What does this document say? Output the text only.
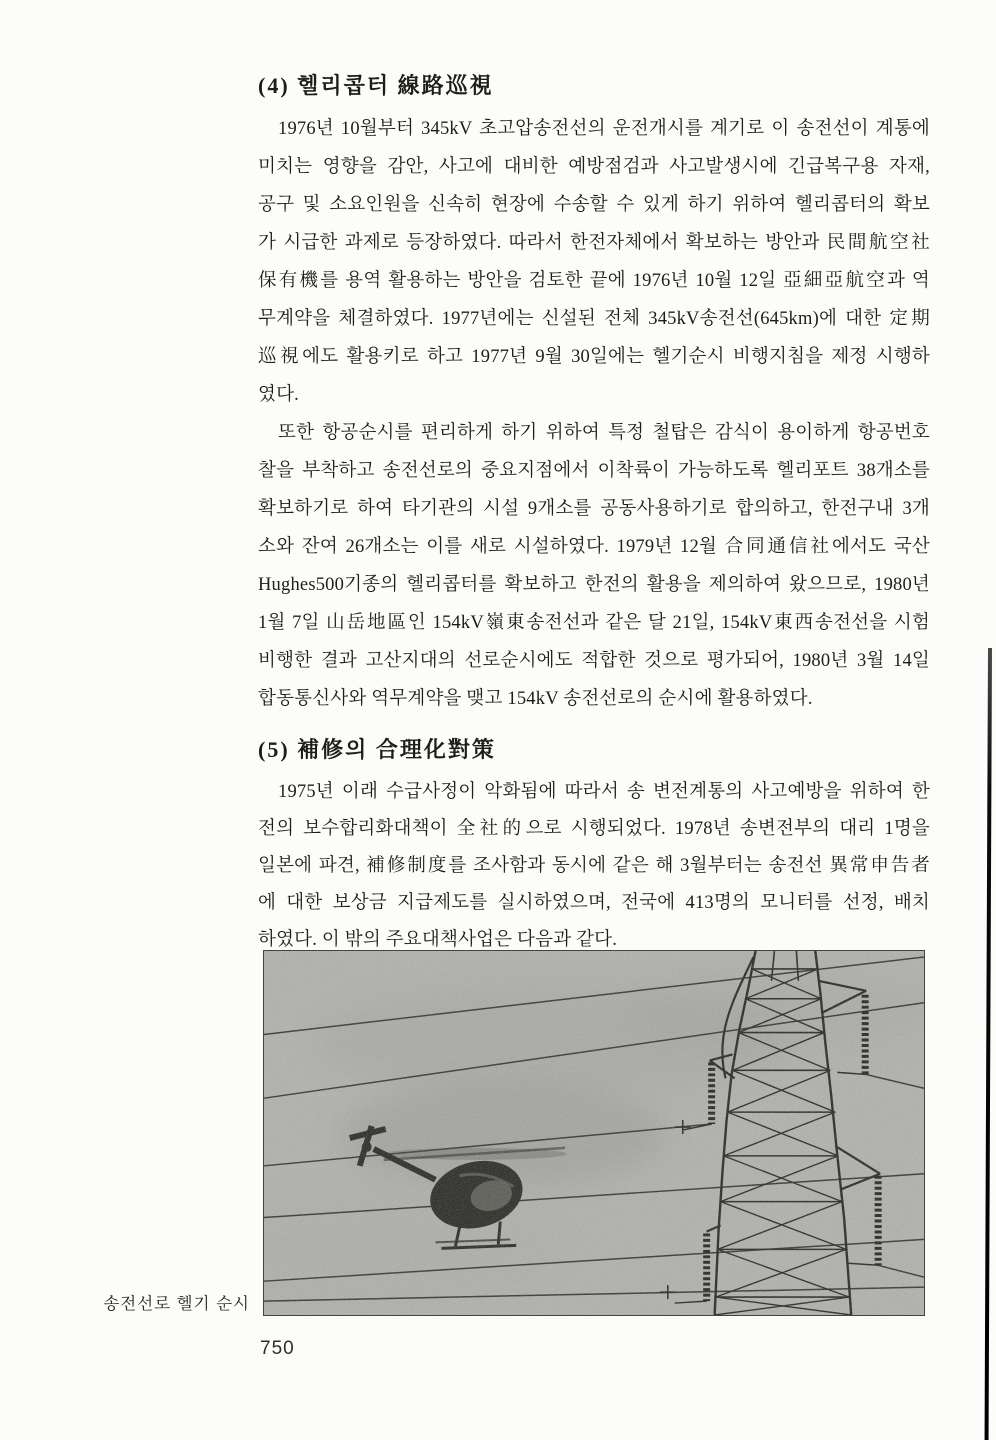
(4) 헬리콥터 線路巡視
1976년 10월부터 345kV 초고압송전선의 운전개시를 계기로 이 송전선이 계통에
미치는 영향을 감안, 사고에 대비한 예방점검과 사고발생시에 긴급복구용 자재,
공구 및 소요인원을 신속히 현장에 수송할 수 있게 하기 위하여 헬리콥터의 확보
가 시급한 과제로 등장하였다. 따라서 한전자체에서 확보하는 방안과 民間航空社
保有機를 용역 활용하는 방안을 검토한 끝에 1976년 10월 12일 亞細亞航空과 역
무계약을 체결하였다. 1977년에는 신설된 전체 345kV송전선(645km)에 대한 定期
巡視에도 활용키로 하고 1977년 9월 30일에는 헬기순시 비행지침을 제정 시행하
였다.
또한 항공순시를 편리하게 하기 위하여 특정 철탑은 감식이 용이하게 항공번호
찰을 부착하고 송전선로의 중요지점에서 이착륙이 가능하도록 헬리포트 38개소를
확보하기로 하여 타기관의 시설 9개소를 공동사용하기로 합의하고, 한전구내 3개
소와 잔여 26개소는 이를 새로 시설하였다. 1979년 12월 合同通信社에서도 국산
Hughes500기종의 헬리콥터를 확보하고 한전의 활용을 제의하여 왔으므로, 1980년
1월 7일 山岳地區인 154kV嶺東송전선과 같은 달 21일, 154kV東西송전선을 시험
비행한 결과 고산지대의 선로순시에도 적합한 것으로 평가되어, 1980년 3월 14일
합동통신사와 역무계약을 맺고 154kV 송전선로의 순시에 활용하였다.
(5) 補修의 合理化對策
1975년 이래 수급사정이 악화됨에 따라서 송 변전계통의 사고예방을 위하여 한
전의 보수합리화대책이 全社的으로 시행되었다. 1978년 송변전부의 대리 1명을
일본에 파견, 補修制度를 조사함과 동시에 같은 해 3월부터는 송전선 異常申告者
에 대한 보상금 지급제도를 실시하였으며, 전국에 413명의 모니터를 선정, 배치
하였다. 이 밖의 주요대책사업은 다음과 같다.
송전선로 헬기 순시
750
